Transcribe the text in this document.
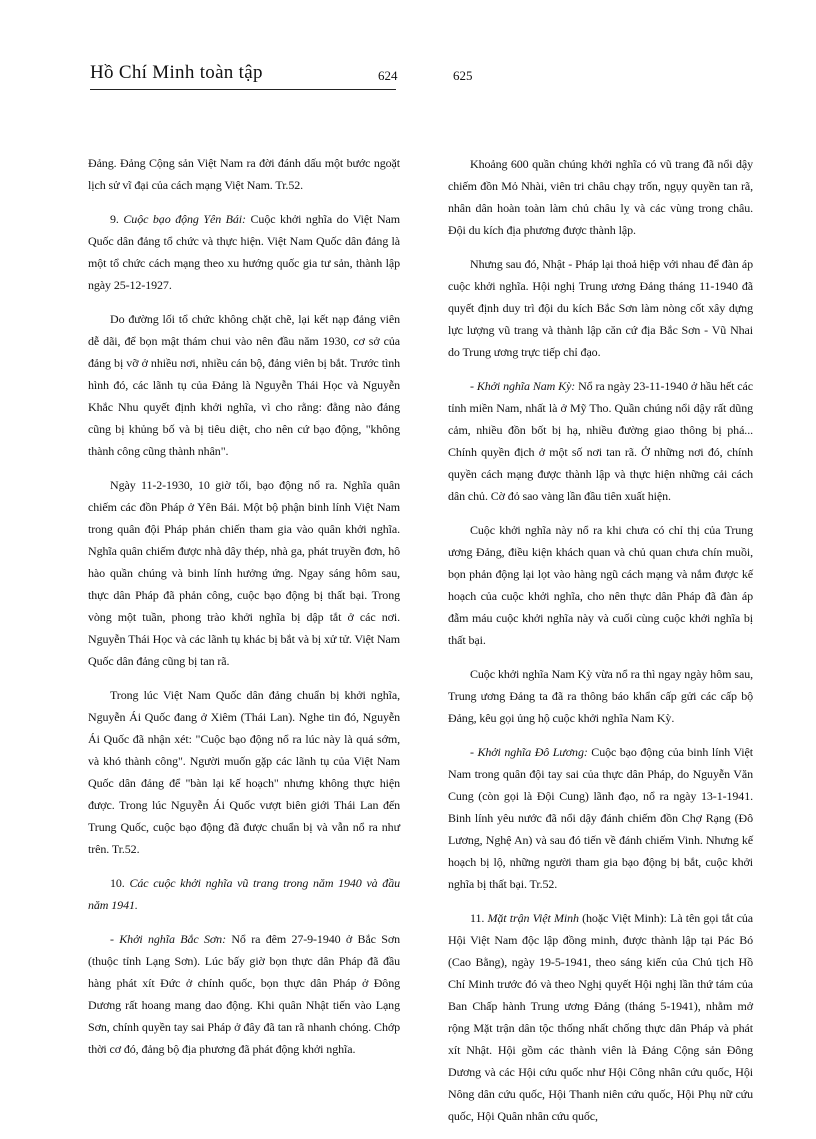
Hồ Chí Minh toàn tập	624	625

Đảng. Đảng Cộng sản Việt Nam ra đời đánh dấu một bước ngoặt lịch sử vĩ đại của cách mạng Việt Nam. Tr.52.

9. Cuộc bạo động Yên Bái: Cuộc khởi nghĩa do Việt Nam Quốc dân đảng tổ chức và thực hiện. Việt Nam Quốc dân đảng là một tổ chức cách mạng theo xu hướng quốc gia tư sản, thành lập ngày 25-12-1927.

Do đường lối tổ chức không chặt chẽ, lại kết nạp đảng viên dễ dãi, để bọn mật thám chui vào nên đầu năm 1930, cơ sở của đảng bị vỡ ở nhiều nơi, nhiều cán bộ, đảng viên bị bắt. Trước tình hình đó, các lãnh tụ của Đảng là Nguyễn Thái Học và Nguyễn Khắc Nhu quyết định khởi nghĩa, vì cho rằng: đằng nào đảng cũng bị khủng bố và bị tiêu diệt, cho nên cứ bạo động, "không thành công cũng thành nhân".

Ngày 11-2-1930, 10 giờ tối, bạo động nổ ra. Nghĩa quân chiếm các đồn Pháp ở Yên Bái. Một bộ phận binh lính Việt Nam trong quân đội Pháp phản chiến tham gia vào quân khởi nghĩa. Nghĩa quân chiếm được nhà dây thép, nhà ga, phát truyền đơn, hô hào quần chúng và binh lính hưởng ứng. Ngay sáng hôm sau, thực dân Pháp đã phản công, cuộc bạo động bị thất bại. Trong vòng một tuần, phong trào khởi nghĩa bị dập tắt ở các nơi. Nguyễn Thái Học và các lãnh tụ khác bị bắt và bị xử tử. Việt Nam Quốc dân đảng cũng bị tan rã.

Trong lúc Việt Nam Quốc dân đảng chuẩn bị khởi nghĩa, Nguyễn Ái Quốc đang ở Xiêm (Thái Lan). Nghe tin đó, Nguyễn Ái Quốc đã nhận xét: "Cuộc bạo động nổ ra lúc này là quá sớm, và khó thành công". Người muốn gặp các lãnh tụ của Việt Nam Quốc dân đảng để "bàn lại kế hoạch" nhưng không thực hiện được. Trong lúc Nguyễn Ái Quốc vượt biên giới Thái Lan đến Trung Quốc, cuộc bạo động đã được chuẩn bị và vẫn nổ ra như trên. Tr.52.

10. Các cuộc khởi nghĩa vũ trang trong năm 1940 và đầu năm 1941.

- Khởi nghĩa Bắc Sơn: Nổ ra đêm 27-9-1940 ở Bắc Sơn (thuộc tỉnh Lạng Sơn). Lúc bấy giờ bọn thực dân Pháp đã đầu hàng phát xít Đức ở chính quốc, bọn thực dân Pháp ở Đông Dương rất hoang mang dao động. Khi quân Nhật tiến vào Lạng Sơn, chính quyền tay sai Pháp ở đây đã tan rã nhanh chóng. Chớp thời cơ đó, đảng bộ địa phương đã phát động khởi nghĩa.

Khoảng 600 quần chúng khởi nghĩa có vũ trang đã nổi dậy chiếm đồn Mỏ Nhài, viên tri châu chạy trốn, ngụy quyền tan rã, nhân dân hoàn toàn làm chủ châu lỵ và các vùng trong châu. Đội du kích địa phương được thành lập.

Nhưng sau đó, Nhật - Pháp lại thoả hiệp với nhau để đàn áp cuộc khởi nghĩa. Hội nghị Trung ương Đảng tháng 11-1940 đã quyết định duy trì đội du kích Bắc Sơn làm nòng cốt xây dựng lực lượng vũ trang và thành lập căn cứ địa Bắc Sơn - Vũ Nhai do Trung ương trực tiếp chỉ đạo.

- Khởi nghĩa Nam Kỳ: Nổ ra ngày 23-11-1940 ở hầu hết các tỉnh miền Nam, nhất là ở Mỹ Tho. Quần chúng nổi dậy rất dũng cảm, nhiều đồn bốt bị hạ, nhiều đường giao thông bị phá... Chính quyền địch ở một số nơi tan rã. Ở những nơi đó, chính quyền cách mạng được thành lập và thực hiện những cải cách dân chủ. Cờ đỏ sao vàng lần đầu tiên xuất hiện.

Cuộc khởi nghĩa này nổ ra khi chưa có chỉ thị của Trung ương Đảng, điều kiện khách quan và chủ quan chưa chín muồi, bọn phản động lại lọt vào hàng ngũ cách mạng và nắm được kế hoạch của cuộc khởi nghĩa, cho nên thực dân Pháp đã đàn áp đẫm máu cuộc khởi nghĩa này và cuối cùng cuộc khởi nghĩa bị thất bại.

Cuộc khởi nghĩa Nam Kỳ vừa nổ ra thì ngay ngày hôm sau, Trung ương Đảng ta đã ra thông báo khẩn cấp gửi các cấp bộ Đảng, kêu gọi ủng hộ cuộc khởi nghĩa Nam Kỳ.

- Khởi nghĩa Đô Lương: Cuộc bạo động của binh lính Việt Nam trong quân đội tay sai của thực dân Pháp, do Nguyễn Văn Cung (còn gọi là Đội Cung) lãnh đạo, nổ ra ngày 13-1-1941. Binh lính yêu nước đã nổi dậy đánh chiếm đồn Chợ Rạng (Đô Lương, Nghệ An) và sau đó tiến về đánh chiếm Vinh. Nhưng kế hoạch bị lộ, những người tham gia bạo động bị bắt, cuộc khởi nghĩa bị thất bại. Tr.52.

11. Mặt trận Việt Minh (hoặc Việt Minh): Là tên gọi tắt của Hội Việt Nam độc lập đồng minh, được thành lập tại Pác Bó (Cao Bằng), ngày 19-5-1941, theo sáng kiến của Chủ tịch Hồ Chí Minh trước đó và theo Nghị quyết Hội nghị lần thứ tám của Ban Chấp hành Trung ương Đảng (tháng 5-1941), nhằm mở rộng Mặt trận dân tộc thống nhất chống thực dân Pháp và phát xít Nhật. Hội gồm các thành viên là Đảng Cộng sản Đông Dương và các Hội cứu quốc như Hội Công nhân cứu quốc, Hội Nông dân cứu quốc, Hội Thanh niên cứu quốc, Hội Phụ nữ cứu quốc, Hội Quân nhân cứu quốc,
